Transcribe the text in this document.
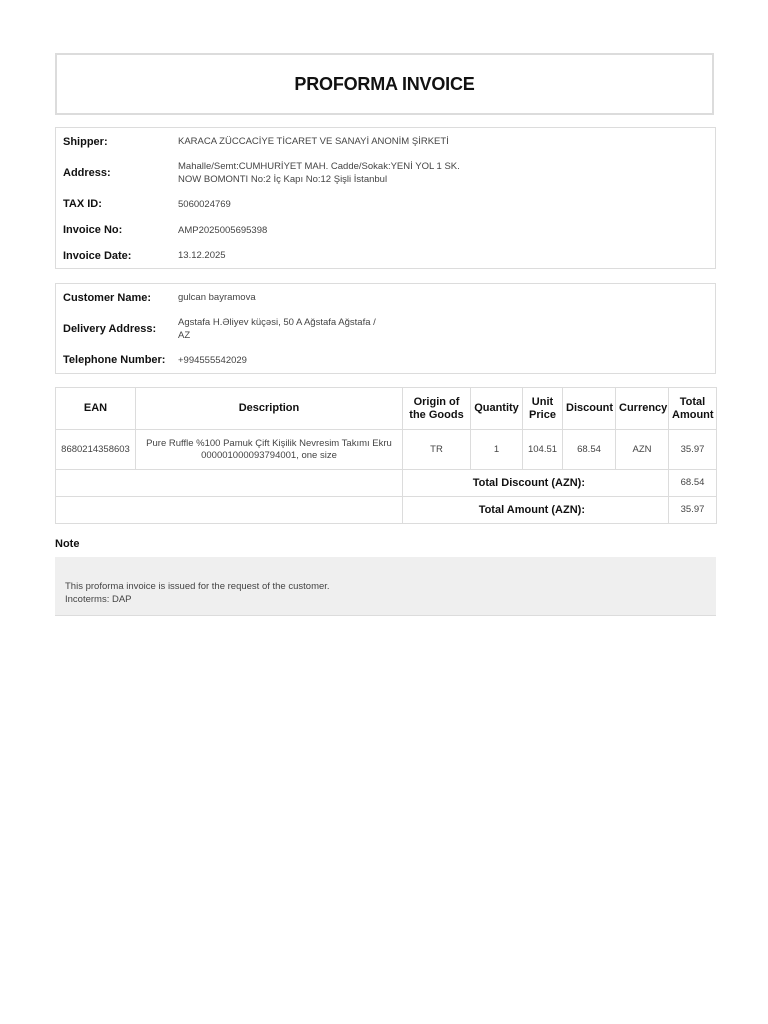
PROFORMA INVOICE
Shipper:	KARACA ZÜCCACİYE TİCARET VE SANAYİ ANONİM ŞİRKETİ
Address:
Mahalle/Semt:CUMHURİYET MAH. Cadde/Sokak:YENİ YOL 1 SK.
NOW BOMONTI No:2 İç Kapı No:12 Şişli İstanbul
TAX ID:	5060024769
Invoice No:	AMP2025005695398
Invoice Date:	13.12.2025
Customer Name:	gulcan bayramova
Delivery Address:
Agstafa H.Əliyev küçəsi, 50 A Ağstafa Ağstafa /
AZ
Telephone Number:	+994555542029
EAN	Description	Origin of the Goods	Quantity	Unit Price	Discount	Currency	Total Amount
8680214358603	Pure Ruffle %100 Pamuk Çift Kişilik Nevresim Takımı Ekru 000001000093794001, one size	TR	1	104.51	68.54	AZN	35.97
		Total Discount (AZN):					68.54
		Total Amount (AZN):					35.97
Note
This proforma invoice is issued for the request of the customer.
Incoterms: DAP
